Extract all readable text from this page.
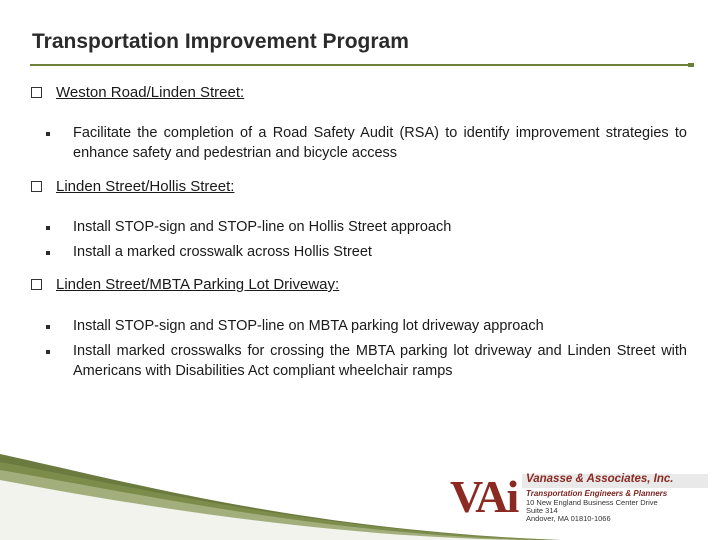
Transportation Improvement Program
Weston Road/Linden Street:
Facilitate the completion of a Road Safety Audit (RSA) to identify improvement strategies to enhance safety and pedestrian and bicycle access
Linden Street/Hollis Street:
Install STOP-sign and STOP-line on Hollis Street approach
Install a marked crosswalk across Hollis Street
Linden Street/MBTA Parking Lot Driveway:
Install STOP-sign and STOP-line on MBTA parking lot driveway approach
Install marked crosswalks for crossing the MBTA parking lot driveway and Linden Street with Americans with Disabilities Act compliant wheelchair ramps
VAi Vanasse & Associates, Inc.
Transportation Engineers & Planners
10 New England Business Center Drive
Suite 314
Andover, MA 01810-1066
